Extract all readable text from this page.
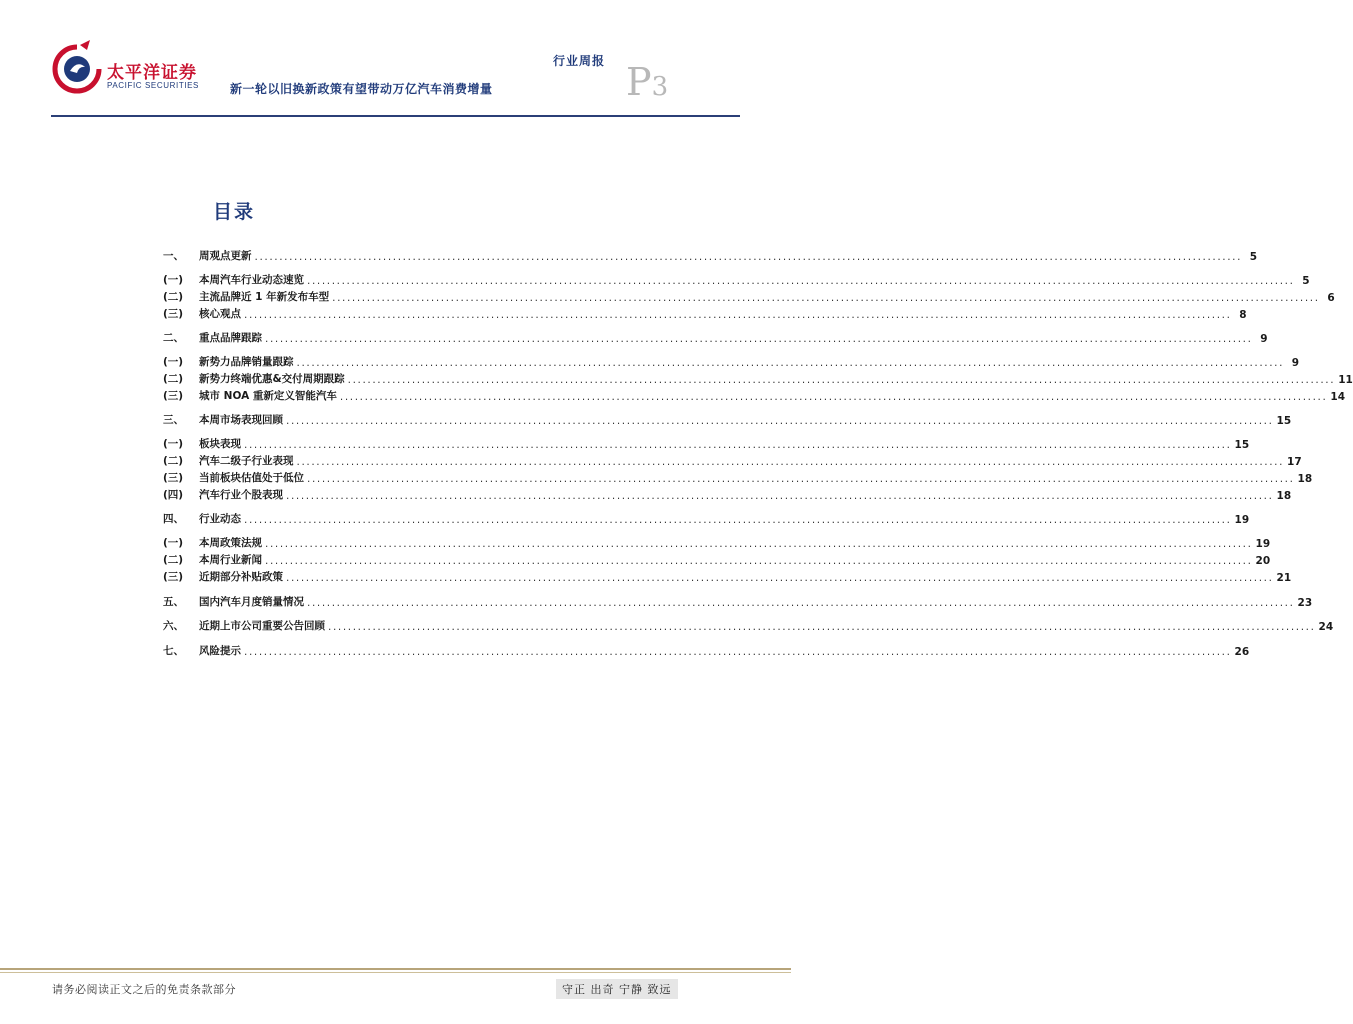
太平洋证券
PACIFIC SECURITIES
行业周报 P3
新一轮以旧换新政策有望带动万亿汽车消费增量
目录
一、	周观点更新 ........................................................................................................................................................................................................ 5
(一)	本周汽车行业动态速览 ........................................................................................................................................................................................................ 5
(二)	主流品牌近 1 年新发布车型 ........................................................................................................................................................................................................ 6
(三)	核心观点 ........................................................................................................................................................................................................ 8
二、	重点品牌跟踪 ........................................................................................................................................................................................................ 9
(一)	新势力品牌销量跟踪 ........................................................................................................................................................................................................ 9
(二)	新势力终端优惠&交付周期跟踪 ........................................................................................................................................................................................................ 11
(三)	城市 NOA 重新定义智能汽车 ........................................................................................................................................................................................................ 14
三、	本周市场表现回顾 ........................................................................................................................................................................................................ 15
(一)	板块表现 ........................................................................................................................................................................................................ 15
(二)	汽车二级子行业表现 ........................................................................................................................................................................................................ 17
(三)	当前板块估值处于低位 ........................................................................................................................................................................................................ 18
(四)	汽车行业个股表现 ........................................................................................................................................................................................................ 18
四、	行业动态 ........................................................................................................................................................................................................ 19
(一)	本周政策法规 ........................................................................................................................................................................................................ 19
(二)	本周行业新闻 ........................................................................................................................................................................................................ 20
(三)	近期部分补贴政策 ........................................................................................................................................................................................................ 21
五、	国内汽车月度销量情况 ........................................................................................................................................................................................................ 23
六、	近期上市公司重要公告回顾 ........................................................................................................................................................................................................ 24
七、	风险提示 ........................................................................................................................................................................................................ 26
请务必阅读正文之后的免责条款部分	守正 出奇 宁静 致远
